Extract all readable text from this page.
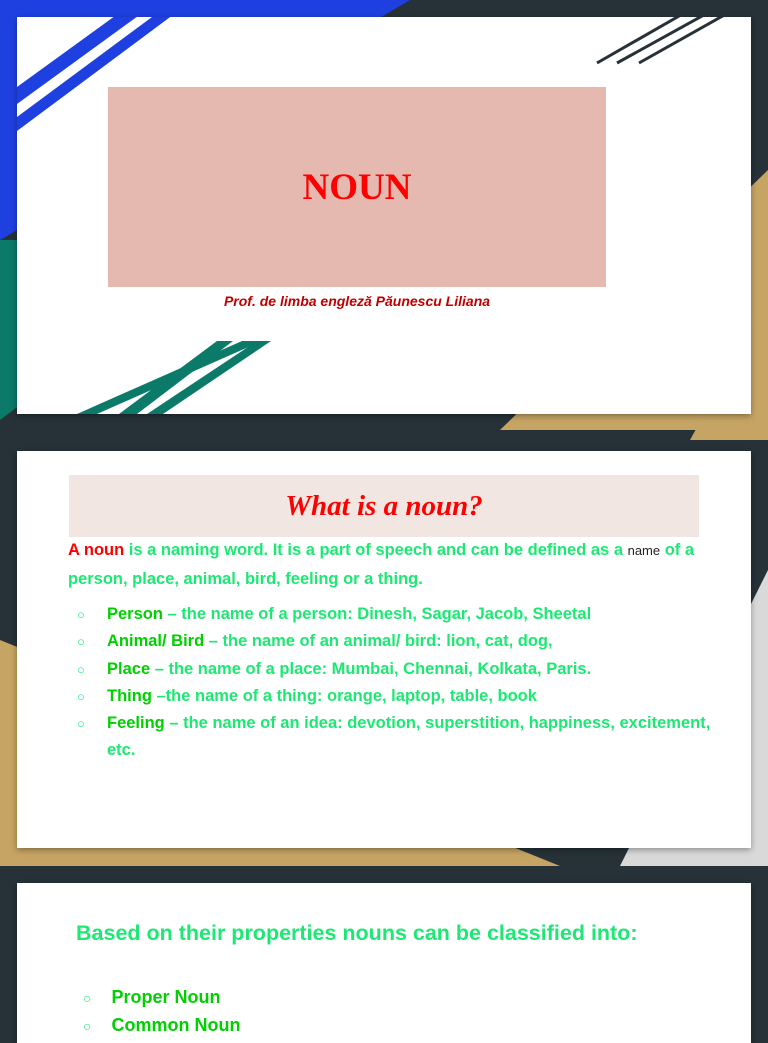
NOUN
Prof. de limba engleză Păunescu Liliana
What is a noun?
A noun is a naming word. It is a part of speech and can be defined as a name of a person, place, animal, bird, feeling or a thing.
○ Person – the name of a person: Dinesh, Sagar, Jacob, Sheetal
○ Animal/ Bird – the name of an animal/ bird: lion, cat, dog,
○ Place – the name of a place: Mumbai, Chennai, Kolkata, Paris.
○ Thing –the name of a thing: orange, laptop, table, book
○ Feeling – the name of an idea: devotion, superstition, happiness, excitement, etc.
Based on their properties nouns can be classified into:
○ Proper Noun
○ Common Noun
